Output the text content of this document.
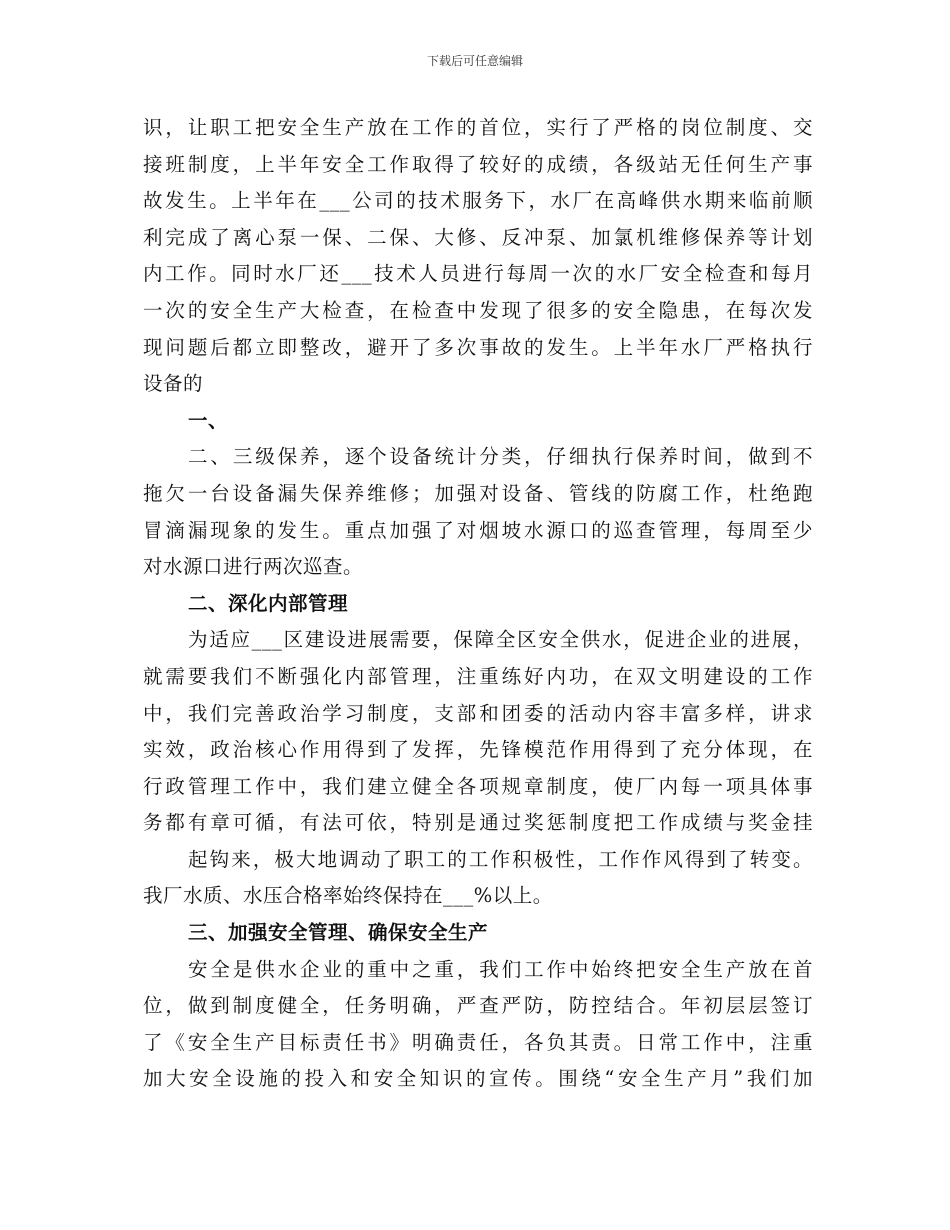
下载后可任意编辑
识，让职工把安全生产放在工作的首位，实行了严格的岗位制度、交
接班制度，上半年安全工作取得了较好的成绩，各级站无任何生产事
故发生。上半年在___公司的技术服务下，水厂在高峰供水期来临前顺
利完成了离心泵一保、二保、大修、反冲泵、加氯机维修保养等计划
内工作。同时水厂还___技术人员进行每周一次的水厂安全检查和每月
一次的安全生产大检查，在检查中发现了很多的安全隐患，在每次发
现问题后都立即整改，避开了多次事故的发生。上半年水厂严格执行
设备的
一、
二、三级保养，逐个设备统计分类，仔细执行保养时间，做到不
拖欠一台设备漏失保养维修；加强对设备、管线的防腐工作，杜绝跑
冒滴漏现象的发生。重点加强了对烟坡水源口的巡查管理，每周至少
对水源口进行两次巡查。
二、深化内部管理
为适应___区建设进展需要，保障全区安全供水，促进企业的进展，
就需要我们不断强化内部管理，注重练好内功，在双文明建设的工作
中，我们完善政治学习制度，支部和团委的活动内容丰富多样，讲求
实效，政治核心作用得到了发挥，先锋模范作用得到了充分体现，在
行政管理工作中，我们建立健全各项规章制度，使厂内每一项具体事
务都有章可循，有法可依，特别是通过奖惩制度把工作成绩与奖金挂
起钩来，极大地调动了职工的工作积极性，工作作风得到了转变。
我厂水质、水压合格率始终保持在___%以上。
三、加强安全管理、确保安全生产
安全是供水企业的重中之重，我们工作中始终把安全生产放在首
位，做到制度健全，任务明确，严查严防，防控结合。年初层层签订
了《安全生产目标责任书》明确责任，各负其责。日常工作中，注重
加大安全设施的投入和安全知识的宣传。围绕“安全生产月”我们加
